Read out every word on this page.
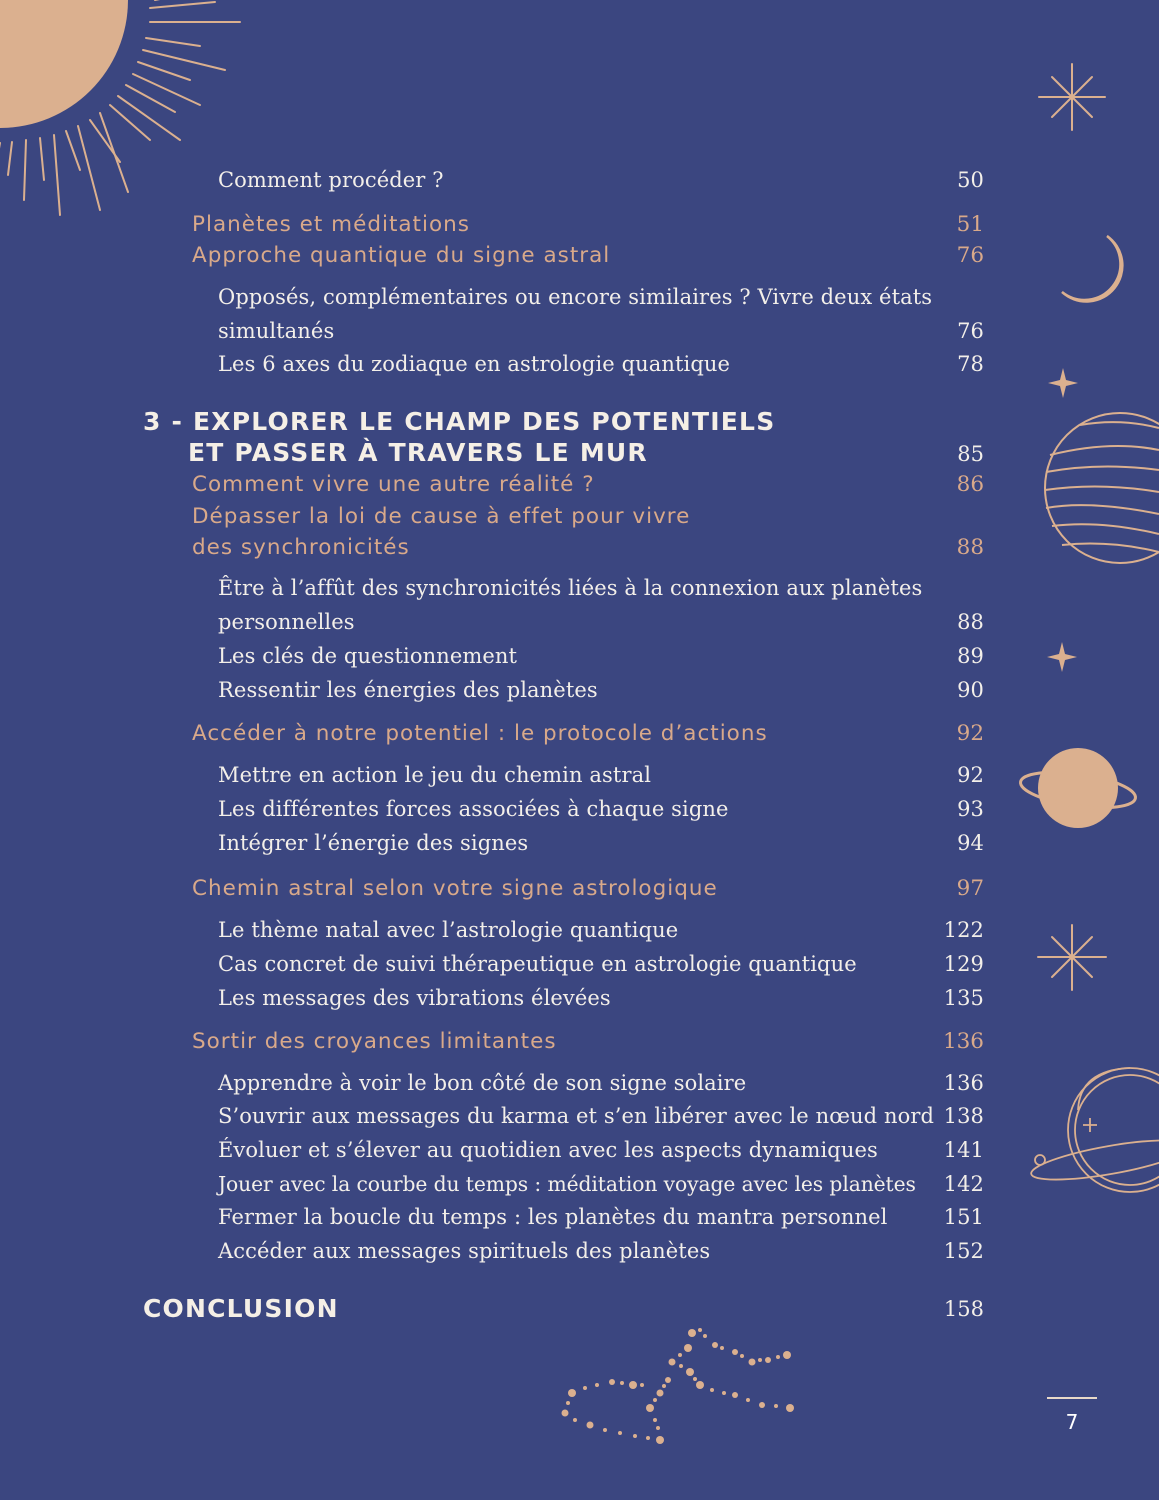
Comment procéder ?	50
Planètes et méditations	51
Approche quantique du signe astral	76
Opposés, complémentaires ou encore similaires ? Vivre deux états
simultanés	76
Les 6 axes du zodiaque en astrologie quantique	78
3 - EXPLORER LE CHAMP DES POTENTIELS
ET PASSER À TRAVERS LE MUR	85
Comment vivre une autre réalité ?	86
Dépasser la loi de cause à effet pour vivre
des synchronicités	88
Être à l’affût des synchronicités liées à la connexion aux planètes
personnelles	88
Les clés de questionnement	89
Ressentir les énergies des planètes	90
Accéder à notre potentiel : le protocole d’actions	92
Mettre en action le jeu du chemin astral	92
Les différentes forces associées à chaque signe	93
Intégrer l’énergie des signes	94
Chemin astral selon votre signe astrologique	97
Le thème natal avec l’astrologie quantique	122
Cas concret de suivi thérapeutique en astrologie quantique	129
Les messages des vibrations élevées	135
Sortir des croyances limitantes	136
Apprendre à voir le bon côté de son signe solaire	136
S’ouvrir aux messages du karma et s’en libérer avec le nœud nord 138
Évoluer et s’élever au quotidien avec les aspects dynamiques	141
Jouer avec la courbe du temps : méditation voyage avec les planètes 142
Fermer la boucle du temps : les planètes du mantra personnel	151
Accéder aux messages spirituels des planètes	152
CONCLUSION	158
7
